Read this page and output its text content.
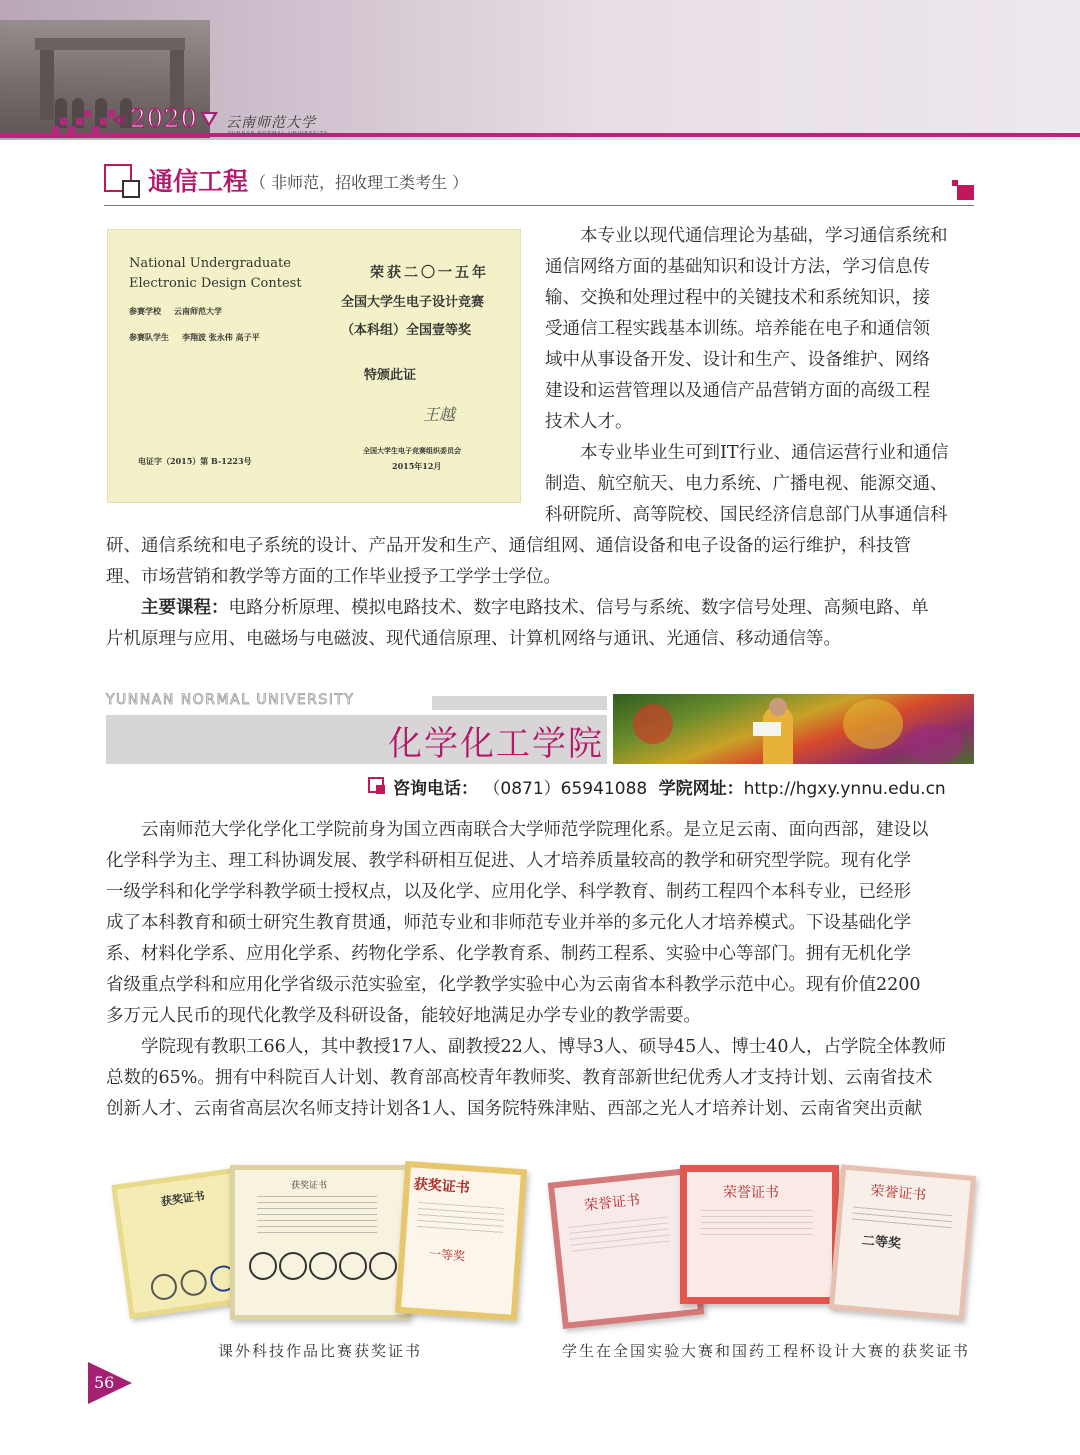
« 2020 云南师范大学
YUNNAN NORMAL UNIVERSITY
通信工程 （ 非师范，招收理工类考生 ）
National Undergraduate
Electronic Design Contest
参赛学校 云南师范大学
参赛队学生 李翔波 张永伟 高子平
荣获二〇一五年
全国大学生电子设计竞赛
（本科组）全国壹等奖
特颁此证
王越
全国大学生电子竞赛组织委员会
2015年12月
电证字（2015）第 B-1223号
本专业以现代通信理论为基础，学习通信系统和
通信网络方面的基础知识和设计方法，学习信息传
输、交换和处理过程中的关键技术和系统知识，接
受通信工程实践基本训练。培养能在电子和通信领
域中从事设备开发、设计和生产、设备维护、网络
建设和运营管理以及通信产品营销方面的高级工程
技术人才。
本专业毕业生可到IT行业、通信运营行业和通信
制造、航空航天、电力系统、广播电视、能源交通、
科研院所、高等院校、国民经济信息部门从事通信科
研、通信系统和电子系统的设计、产品开发和生产、通信组网、通信设备和电子设备的运行维护，科技管
理、市场营销和教学等方面的工作毕业授予工学学士学位。
主要课程：电路分析原理、模拟电路技术、数字电路技术、信号与系统、数字信号处理、高频电路、单
片机原理与应用、电磁场与电磁波、现代通信原理、计算机网络与通讯、光通信、移动通信等。
YUNNAN NORMAL UNIVERSITY
化学化工学院
咨询电话： （0871）65941088 学院网址：http://hgxy.ynnu.edu.cn
云南师范大学化学化工学院前身为国立西南联合大学师范学院理化系。是立足云南、面向西部，建设以
化学科学为主、理工科协调发展、教学科研相互促进、人才培养质量较高的教学和研究型学院。现有化学
一级学科和化学学科教学硕士授权点，以及化学、应用化学、科学教育、制药工程四个本科专业，已经形
成了本科教育和硕士研究生教育贯通，师范专业和非师范专业并举的多元化人才培养模式。下设基础化学
系、材料化学系、应用化学系、药物化学系、化学教育系、制药工程系、实验中心等部门。拥有无机化学
省级重点学科和应用化学省级示范实验室，化学教学实验中心为云南省本科教学示范中心。现有价值2200
多万元人民币的现代化教学及科研设备，能较好地满足办学专业的教学需要。
学院现有教职工66人，其中教授17人、副教授22人、博导3人、硕导45人、博士40人，占学院全体教师
总数的65%。拥有中科院百人计划、教育部高校青年教师奖、教育部新世纪优秀人才支持计划、云南省技术
创新人才、云南省高层次名师支持计划各1人、国务院特殊津贴、西部之光人才培养计划、云南省突出贡献
获奖证书
获奖证书	获奖证书
一等奖
荣誉证书	荣誉证书	荣誉证书
二等奖
课外科技作品比赛获奖证书	学生在全国实验大赛和国药工程杯设计大赛的获奖证书
56
